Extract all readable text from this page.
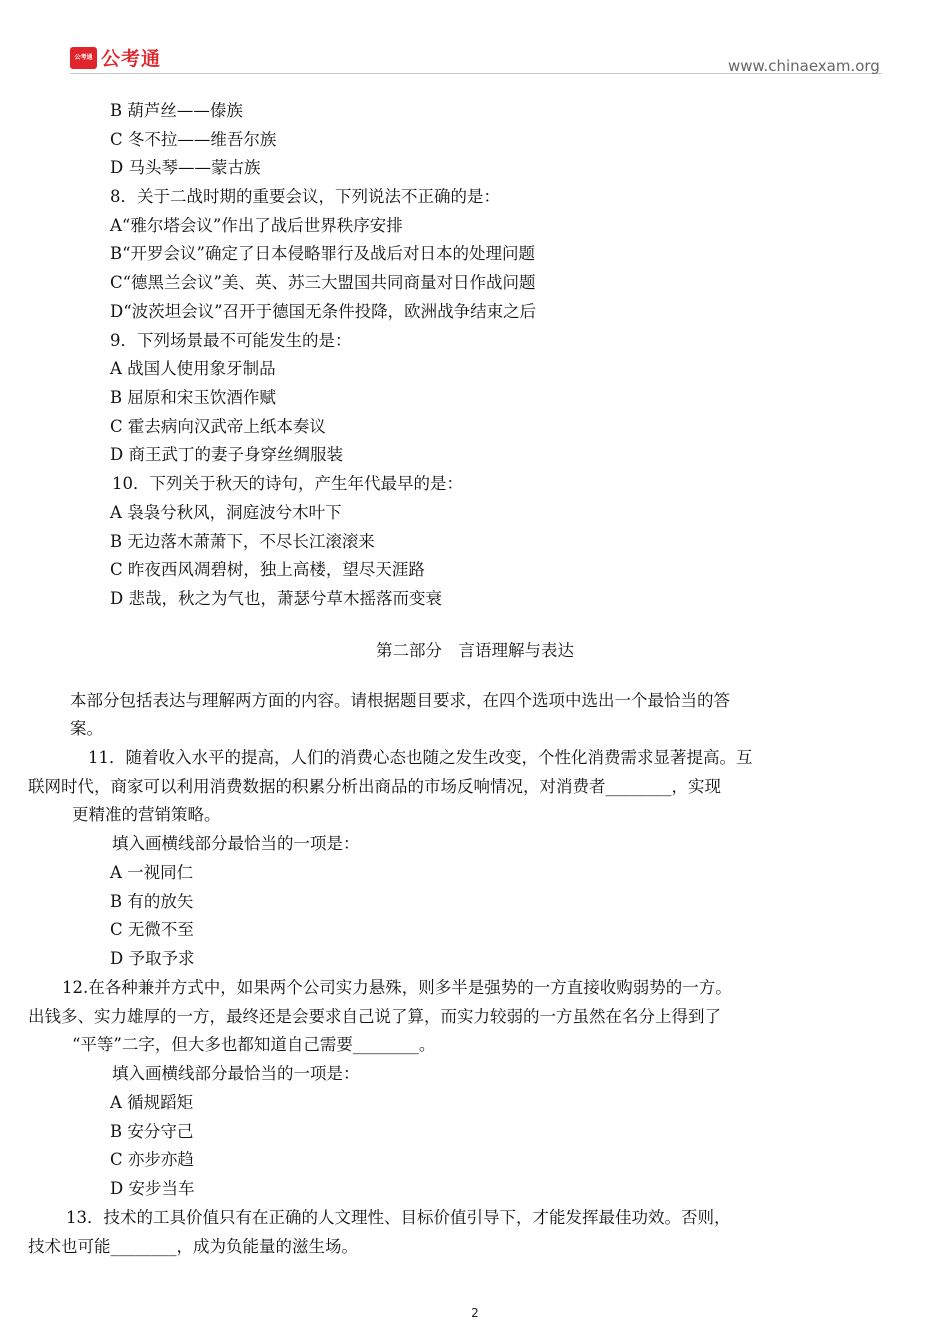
公考通 公考通	www.chinaexam.org
B 葫芦丝——傣族
C 冬不拉——维吾尔族
D 马头琴——蒙古族
8．关于二战时期的重要会议，下列说法不正确的是：
A“雅尔塔会议”作出了战后世界秩序安排
B“开罗会议”确定了日本侵略罪行及战后对日本的处理问题
C“德黑兰会议”美、英、苏三大盟国共同商量对日作战问题
D“波茨坦会议”召开于德国无条件投降，欧洲战争结束之后
9．下列场景最不可能发生的是：
A 战国人使用象牙制品
B 屈原和宋玉饮酒作赋
C 霍去病向汉武帝上纸本奏议
D 商王武丁的妻子身穿丝绸服装
10．下列关于秋天的诗句，产生年代最早的是：
A 袅袅兮秋风，洞庭波兮木叶下
B 无边落木萧萧下，不尽长江滚滚来
C 昨夜西风凋碧树，独上高楼，望尽天涯路
D 悲哉，秋之为气也，萧瑟兮草木摇落而变衰
第二部分　言语理解与表达
本部分包括表达与理解两方面的内容。请根据题目要求，在四个选项中选出一个最恰当的答
案。
11．随着收入水平的提高，人们的消费心态也随之发生改变，个性化消费需求显著提高。互
联网时代，商家可以利用消费数据的积累分析出商品的市场反响情况，对消费者________，实现
更精准的营销策略。
填入画横线部分最恰当的一项是：
A 一视同仁
B 有的放矢
C 无微不至
D 予取予求
12.在各种兼并方式中，如果两个公司实力悬殊，则多半是强势的一方直接收购弱势的一方。
出钱多、实力雄厚的一方，最终还是会要求自己说了算，而实力较弱的一方虽然在名分上得到了
“平等”二字，但大多也都知道自己需要________。
填入画横线部分最恰当的一项是：
A 循规蹈矩
B 安分守己
C 亦步亦趋
D 安步当车
13．技术的工具价值只有在正确的人文理性、目标价值引导下，才能发挥最佳功效。否则，
技术也可能________，成为负能量的滋生场。
2
